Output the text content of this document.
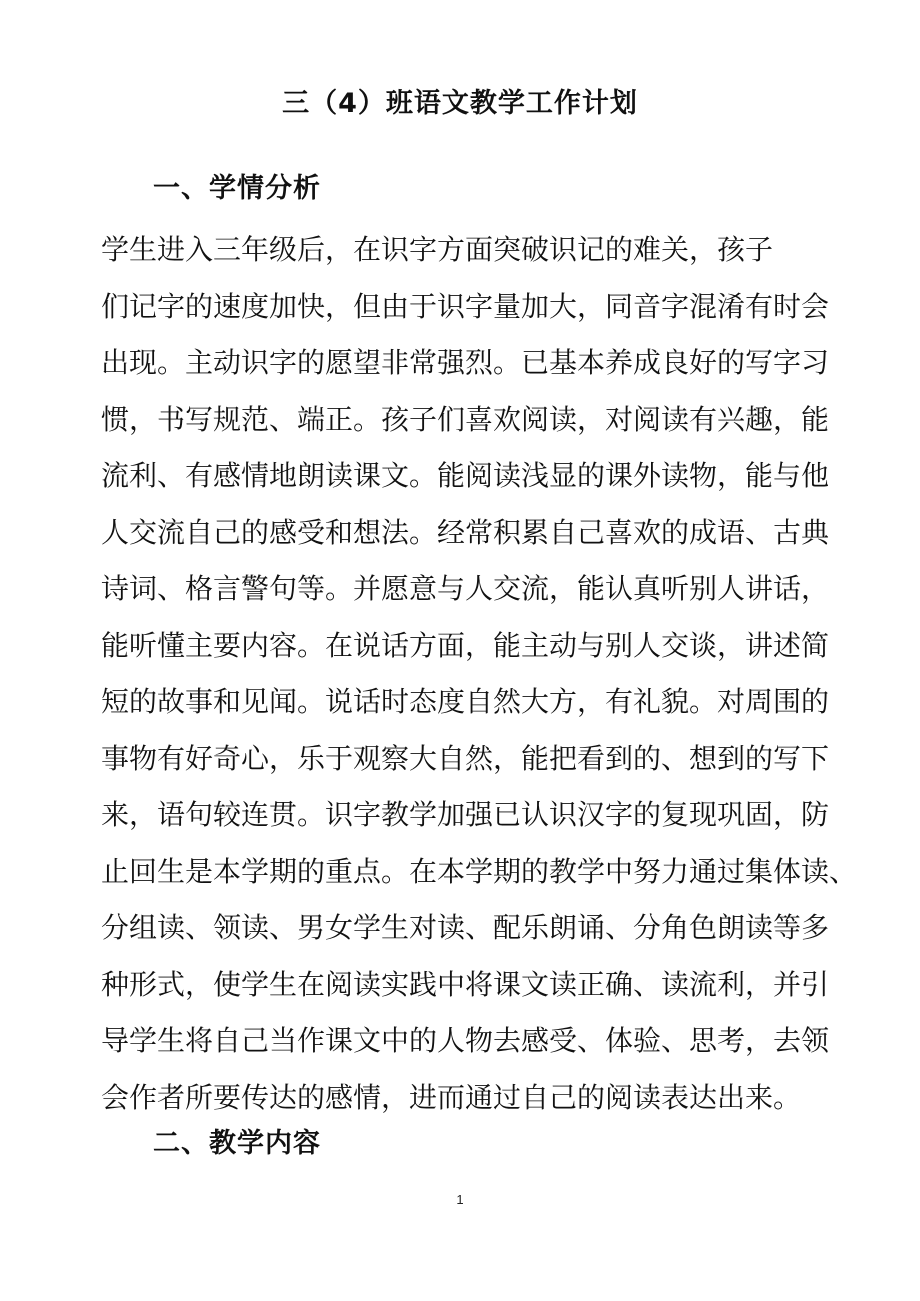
三（4）班语文教学工作计划
一、学情分析
学生进入三年级后，在识字方面突破识记的难关，孩子
们记字的速度加快，但由于识字量加大，同音字混淆有时会
出现。主动识字的愿望非常强烈。已基本养成良好的写字习
惯，书写规范、端正。孩子们喜欢阅读，对阅读有兴趣，能
流利、有感情地朗读课文。能阅读浅显的课外读物，能与他
人交流自己的感受和想法。经常积累自己喜欢的成语、古典
诗词、格言警句等。并愿意与人交流，能认真听别人讲话，
能听懂主要内容。在说话方面，能主动与别人交谈，讲述简
短的故事和见闻。说话时态度自然大方，有礼貌。对周围的
事物有好奇心，乐于观察大自然，能把看到的、想到的写下
来，语句较连贯。识字教学加强已认识汉字的复现巩固，防
止回生是本学期的重点。在本学期的教学中努力通过集体读、
分组读、领读、男女学生对读、配乐朗诵、分角色朗读等多
种形式，使学生在阅读实践中将课文读正确、读流利，并引
导学生将自己当作课文中的人物去感受、体验、思考，去领
会作者所要传达的感情，进而通过自己的阅读表达出来。
二、教学内容
1
